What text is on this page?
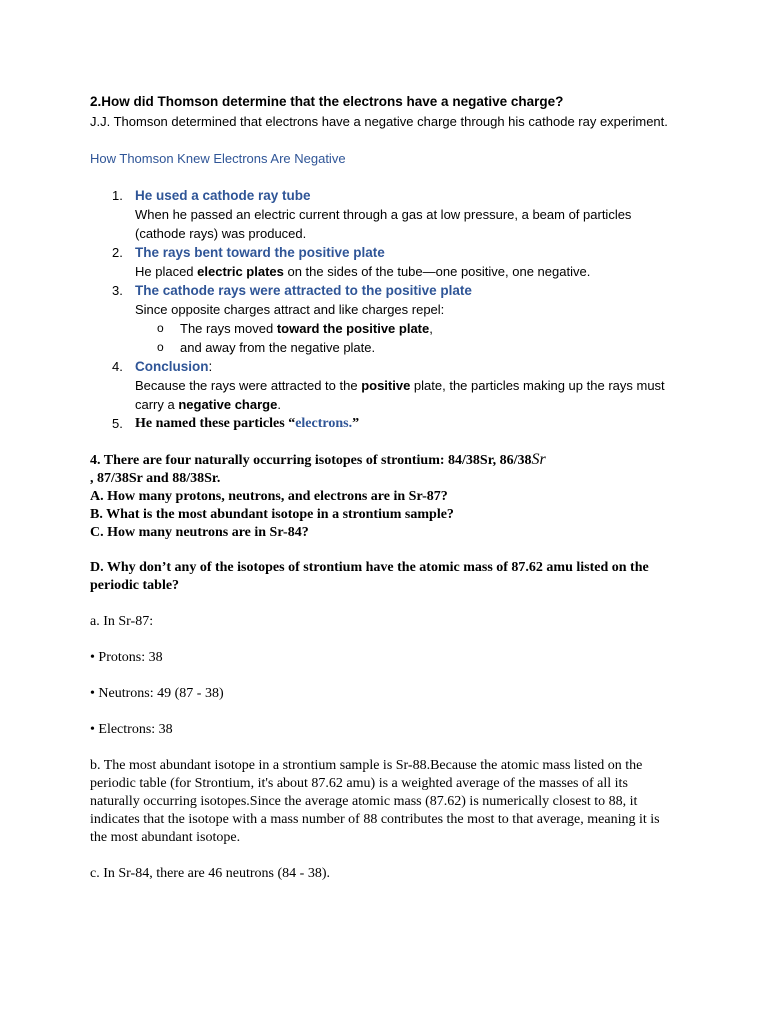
2.How did Thomson determine that the electrons have a negative charge?

J.J. Thomson determined that electrons have a negative charge through his cathode ray experiment.

How Thomson Knew Electrons Are Negative

1. He used a cathode ray tube
When he passed an electric current through a gas at low pressure, a beam of particles (cathode rays) was produced.
2. The rays bent toward the positive plate
He placed electric plates on the sides of the tube—one positive, one negative.
3. The cathode rays were attracted to the positive plate
Since opposite charges attract and like charges repel:
o The rays moved toward the positive plate,
o and away from the negative plate.
4. Conclusion:
Because the rays were attracted to the positive plate, the particles making up the rays must carry a negative charge.
5. He named these particles “electrons.”

4. There are four naturally occurring isotopes of strontium: 84/38Sr, 86/38Sr
, 87/38Sr and 88/38Sr.
A. How many protons, neutrons, and electrons are in Sr-87?
B. What is the most abundant isotope in a strontium sample?
C. How many neutrons are in Sr-84?

D. Why don’t any of the isotopes of strontium have the atomic mass of 87.62 amu listed on the periodic table?

a. In Sr-87:

• Protons: 38

• Neutrons: 49 (87 - 38)

• Electrons: 38

b. The most abundant isotope in a strontium sample is Sr-88.Because the atomic mass listed on the periodic table (for Strontium, it's about 87.62 amu) is a weighted average of the masses of all its naturally occurring isotopes.Since the average atomic mass (87.62) is numerically closest to 88, it indicates that the isotope with a mass number of 88 contributes the most to that average, meaning it is the most abundant isotope.

c. In Sr-84, there are 46 neutrons (84 - 38).
